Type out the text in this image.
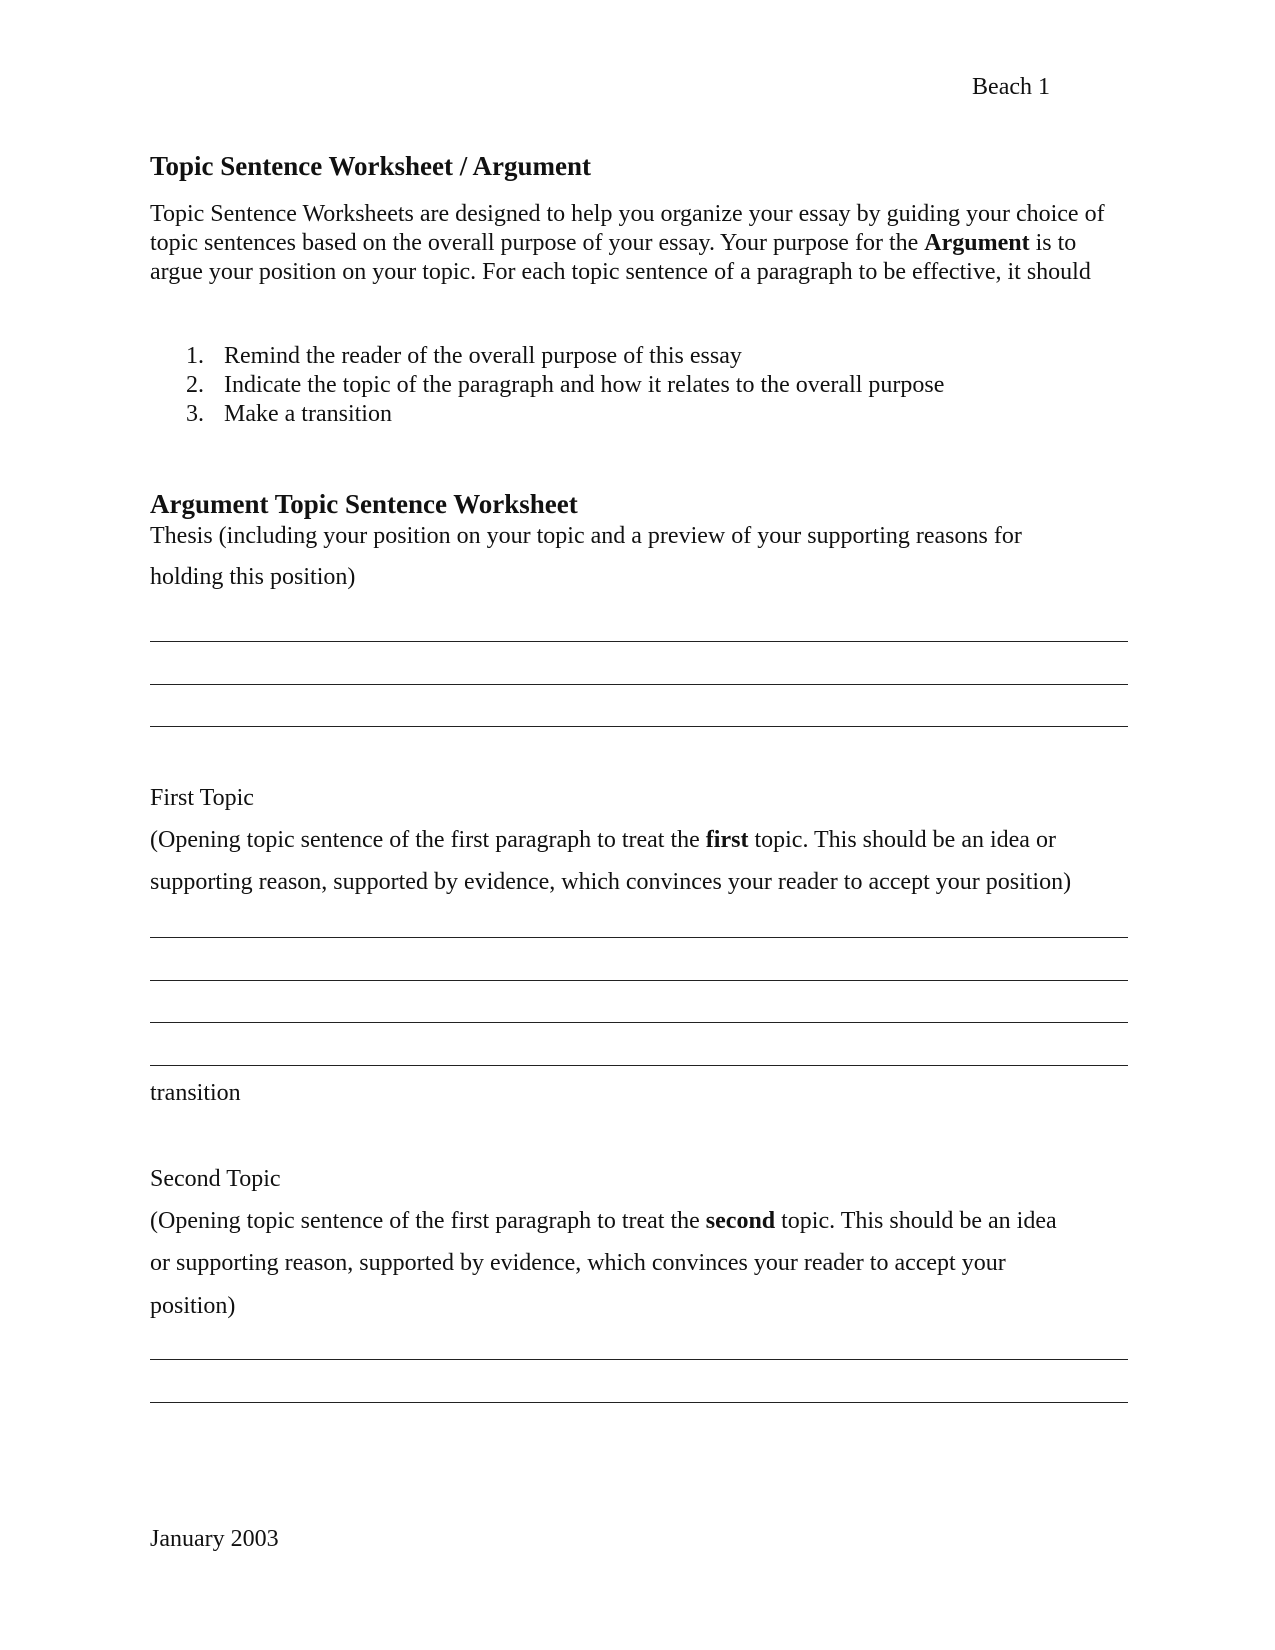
Beach 1
Topic Sentence Worksheet / Argument

Topic Sentence Worksheets are designed to help you organize your essay by guiding your choice of topic sentences based on the overall purpose of your essay. Your purpose for the Argument is to argue your position on your topic. For each topic sentence of a paragraph to be effective, it should

1. Remind the reader of the overall purpose of this essay
2. Indicate the topic of the paragraph and how it relates to the overall purpose
3. Make a transition
Argument Topic Sentence Worksheet
Thesis (including your position on your topic and a preview of your supporting reasons for
holding this position)
First Topic
(Opening topic sentence of the first paragraph to treat the first topic. This should be an idea or
supporting reason, supported by evidence, which convinces your reader to accept your position)
transition
Second Topic
(Opening topic sentence of the first paragraph to treat the second topic. This should be an idea
or supporting reason, supported by evidence, which convinces your reader to accept your
position)
January 2003
